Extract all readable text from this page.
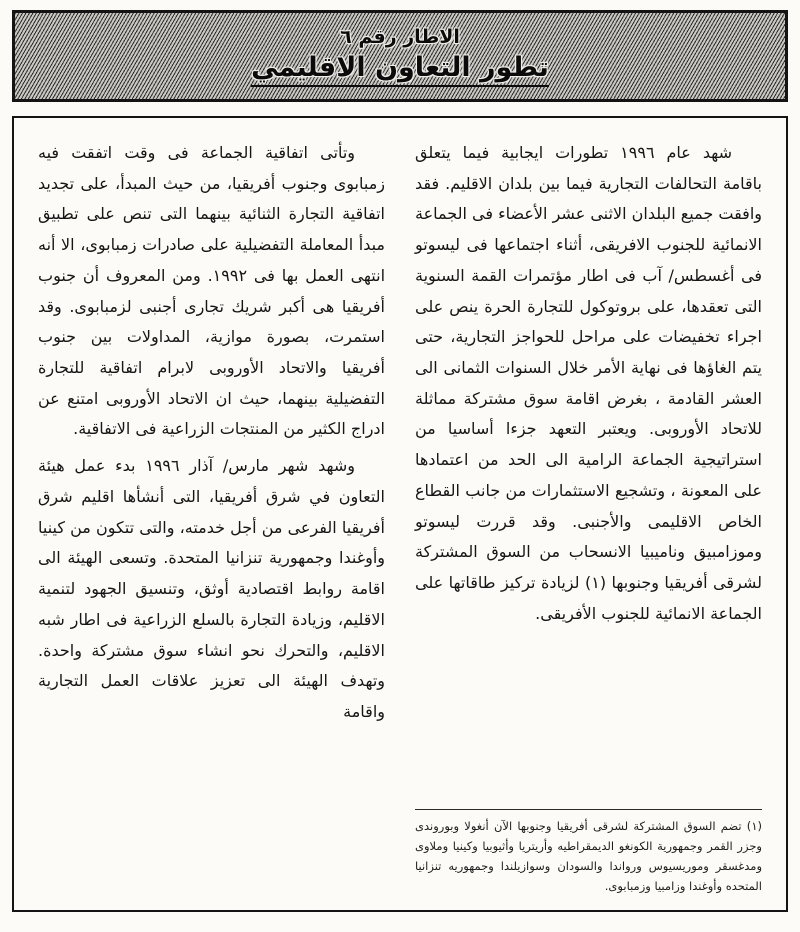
الاطار رقم ٦
تطور التعاون الاقليمي
شهد عام ١٩٩٦ تطورات ايجابية فيما يتعلق باقامة التحالفات التجارية فيما بين بلدان الاقليم. فقد وافقت جميع البلدان الاثنى عشر الأعضاء فى الجماعة الانمائية للجنوب الافريقى، أثناء اجتماعها فى ليسوتو فى أغسطس/ آب فى اطار مؤتمرات القمة السنوية التى تعقدها، على بروتوكول للتجارة الحرة ينص على اجراء تخفيضات على مراحل للحواجز التجارية، حتى يتم الغاؤها فى نهاية الأمر خلال السنوات الثمانى الى العشر القادمة ، بغرض اقامة سوق مشتركة مماثلة للاتحاد الأوروبى. ويعتبر التعهد جزءا أساسيا من استراتيجية الجماعة الرامية الى الحد من اعتمادها على المعونة ، وتشجيع الاستثمارات من جانب القطاع الخاص الاقليمى والأجنبى. وقد قررت ليسوتو وموزامبيق وناميبيا الانسحاب من السوق المشتركة لشرقى أفريقيا وجنوبها (١) لزيادة تركيز طاقاتها على الجماعة الانمائية للجنوب الأفريقى.
(١) تضم السوق المشتركة لشرقى أفريقيا وجنوبها الآن أنغولا وبوروندى وجزر القمر وجمهورية الكونغو الديمقراطيه وأريتريا وأثيوبيا وكينيا وملاوى ومدغسقر وموريسيوس ورواندا والسودان وسوازيلندا وجمهوريه تنزانيا المتحده وأوغندا وزامبيا وزمبابوى.
وتأتى اتفاقية الجماعة فى وقت اتفقت فيه زمبابوى وجنوب أفريقيا، من حيث المبدأ، على تجديد اتفاقية التجارة الثنائية بينهما التى تنص على تطبيق مبدأ المعاملة التفضيلية على صادرات زمبابوى، الا أنه انتهى العمل بها فى ١٩٩٢. ومن المعروف أن جنوب أفريقيا هى أكبر شريك تجارى أجنبى لزمبابوى. وقد استمرت، بصورة موازية، المداولات بين جنوب أفريقيا والاتحاد الأوروبى لابرام اتفاقية للتجارة التفضيلية بينهما، حيث ان الاتحاد الأوروبى امتنع عن ادراج الكثير من المنتجات الزراعية فى الاتفاقية.
وشهد شهر مارس/ آذار ١٩٩٦ بدء عمل هيئة التعاون في شرق أفريقيا، التى أنشأها اقليم شرق أفريقيا الفرعى من أجل خدمته، والتى تتكون من كينيا وأوغندا وجمهورية تنزانيا المتحدة. وتسعى الهيئة الى اقامة روابط اقتصادية أوثق، وتنسيق الجهود لتنمية الاقليم، وزيادة التجارة بالسلع الزراعية فى اطار شبه الاقليم، والتحرك نحو انشاء سوق مشتركة واحدة. وتهدف الهيئة الى تعزيز علاقات العمل التجارية واقامة
